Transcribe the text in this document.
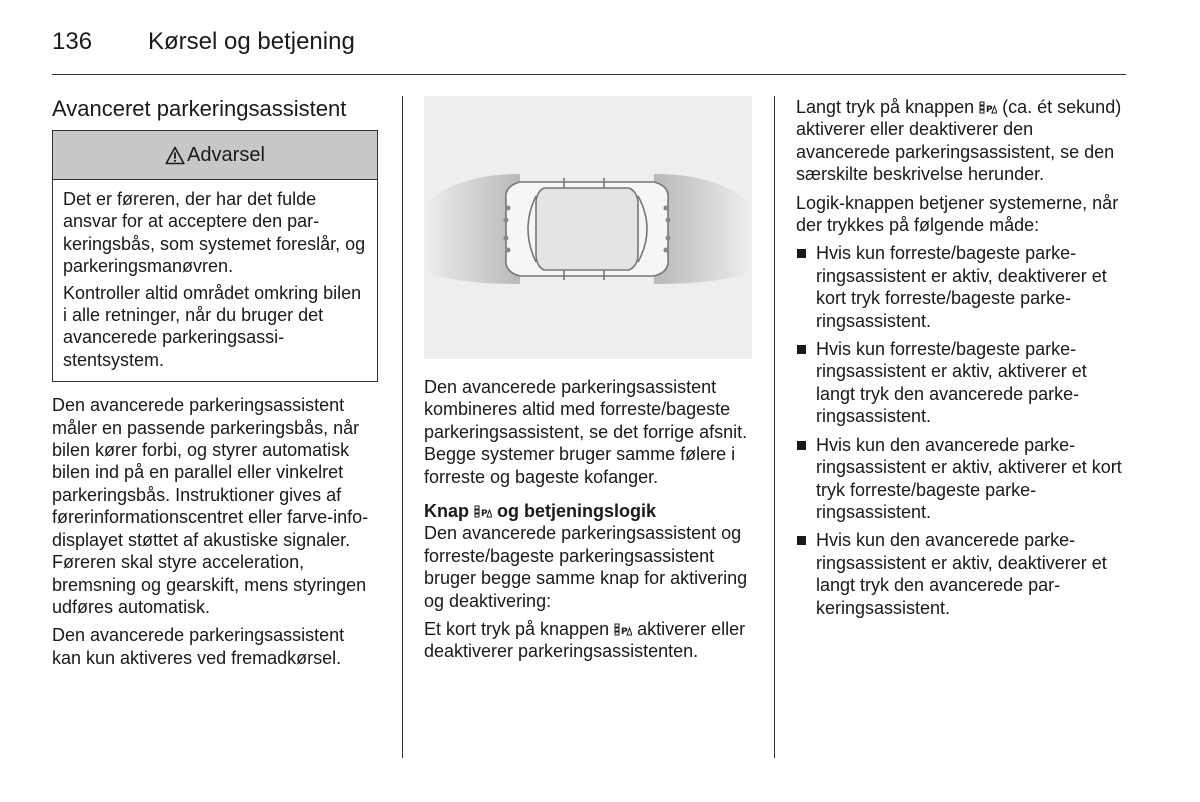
136 Kørsel og betjening
Avanceret parkeringsassistent
Advarsel

Det er føreren, der har det fulde ansvar for at acceptere den parkeringsbås, som systemet foreslår, og parkeringsmanøvren.

Kontroller altid området omkring bilen i alle retninger, når du bruger det avancerede parkeringsassistentsystem.

Den avancerede parkeringsassistent måler en passende parkeringsbås, når bilen kører forbi, og styrer automatisk bilen ind på en parallel eller vinkelret parkeringsbås. Instruktioner gives af førerinformationscentret eller farve-info-displayet støttet af akustiske signaler. Føreren skal styre acceleration, bremsning og gearskift, mens styringen udføres automatisk.

Den avancerede parkeringsassistent kan kun aktiveres ved fremadkørsel.

Den avancerede parkeringsassistent kombineres altid med forreste/bageste parkeringsassistent, se det forrige afsnit. Begge systemer bruger samme følere i forreste og bageste kofanger.

Knap P og betjeningslogik

Den avancerede parkeringsassistent og forreste/bageste parkeringsassistent bruger begge samme knap for aktivering og deaktivering:

Et kort tryk på knappen P aktiverer eller deaktiverer parkeringsassistenten.

Langt tryk på knappen P (ca. ét sekund) aktiverer eller deaktiverer den avancerede parkeringsassistent, se den særskilte beskrivelse herunder.

Logik-knappen betjener systemerne, når der trykkes på følgende måde:

Hvis kun forreste/bageste parkeringsassistent er aktiv, deaktiverer et kort tryk forreste/bageste parkeringsassistent.
Hvis kun forreste/bageste parkeringsassistent er aktiv, aktiverer et langt tryk den avancerede parkeringsassistent.
Hvis kun den avancerede parkeringsassistent er aktiv, aktiverer et kort tryk forreste/bageste parkeringsassistent.
Hvis kun den avancerede parkeringsassistent er aktiv, deaktiverer et langt tryk den avancerede parkeringsassistent.
